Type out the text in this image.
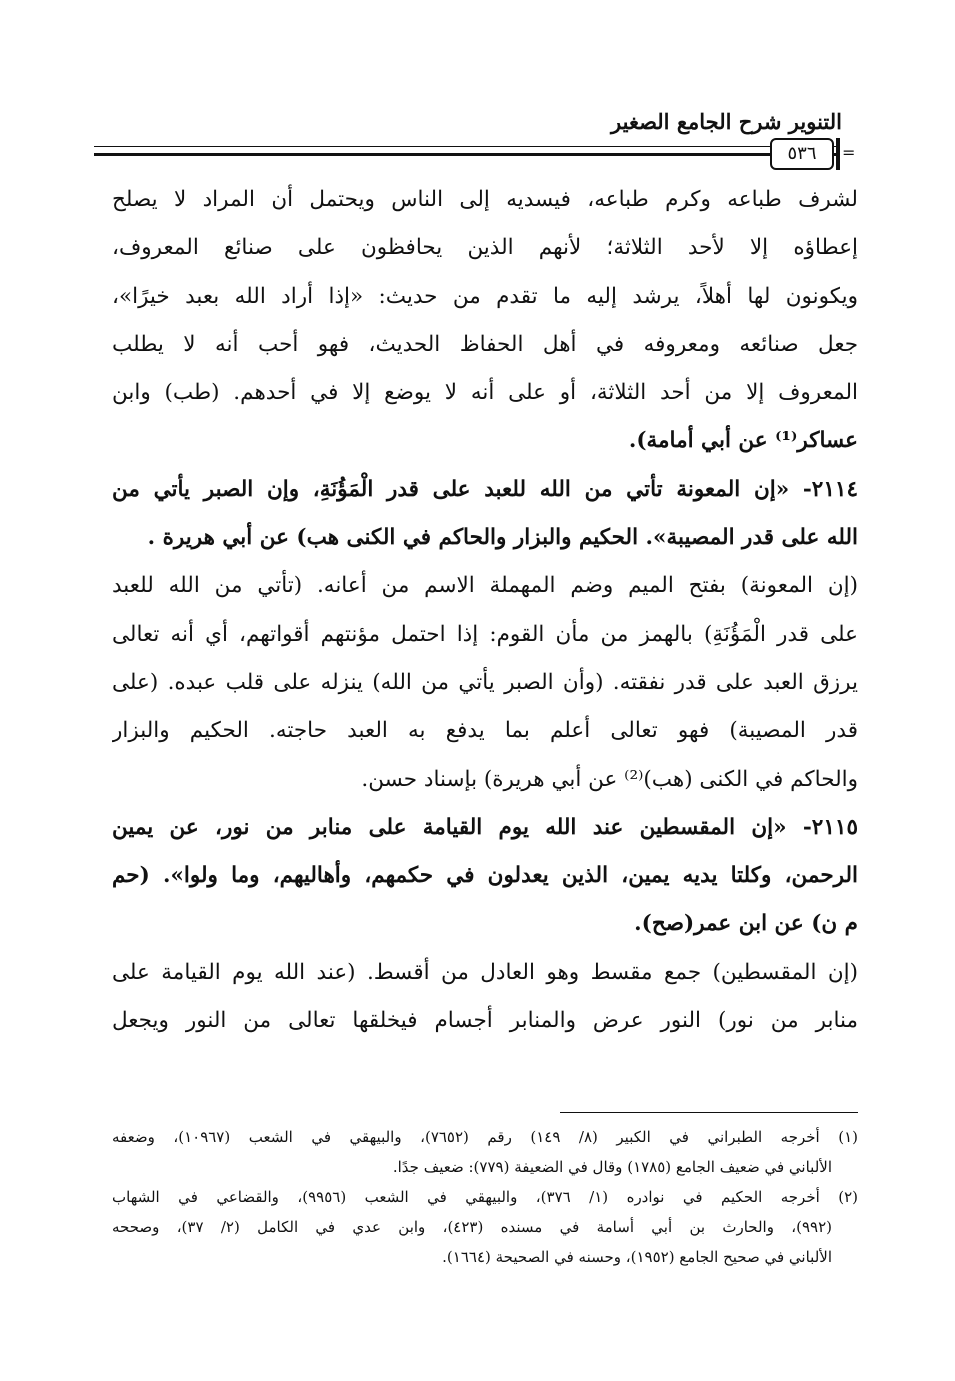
التنوير شرح الجامع الصغير
٥٣٦	=
لشرف طباعه وكرم طباعه، فيسديه إلى الناس ويحتمل أن المراد لا يصلح
إعطاؤه إلا لأحد الثلاثة؛ لأنهم الذين يحافظون على صنائع المعروف،
ويكونون لها أهلاً، يرشد إليه ما تقدم من حديث: «إذا أراد الله بعبد خيرًا»،
جعل صنائعه ومعروفه في أهل الحفاظ الحديث، فهو أحب أنه لا يطلب
المعروف إلا من أحد الثلاثة، أو على أنه لا يوضع إلا في أحدهم. (طب) وابن
عساكر⁽¹⁾ عن أبي أمامة).
٢١١٤- «إن المعونة تأتي من الله للعبد على قدر الْمَؤُنَةِ، وإن الصبر يأتي من
الله على قدر المصيبة». الحكيم والبزار والحاكم في الكنى هب) عن أبي هريرة .
(إن المعونة) بفتح الميم وضم المهملة الاسم من أعانه. (تأتي من الله للعبد
على قدر الْمَؤُنَةِ) بالهمز من مأن القوم: إذا احتمل مؤنتهم أقواتهم، أي أنه تعالى
يرزق العبد على قدر نفقته. (وأن الصبر يأتي من الله) ينزله على قلب عبده. (على
قدر المصيبة) فهو تعالى أعلم بما يدفع به العبد حاجته. الحكيم والبزار
والحاكم في الكنى (هب)⁽²⁾ عن أبي هريرة) بإسناد حسن.
٢١١٥- «إن المقسطين عند الله يوم القيامة على منابر من نور، عن يمين
الرحمن، وكلتا يديه يمين، الذين يعدلون في حكمهم، وأهاليهم، وما ولوا». (حم
م ن) عن ابن عمر(صح).
(إن المقسطين) جمع مقسط وهو العادل من أقسط. (عند الله يوم القيامة على
منابر من نور) النور عرض والمنابر أجسام فيخلقها تعالى من النور ويجعل
(١) أخرجه الطبراني في الكبير (٨/ ١٤٩) رقم (٧٦٥٢)، والبيهقي في الشعب (١٠٩٦٧)، وضعفه
الألباني في ضعيف الجامع (١٧٨٥) وقال في الضعيفة (٧٧٩): ضعيف جدًا.
(٢) أخرجه الحكيم في نوادره (١/ ٣٧٦)، والبيهقي في الشعب (٩٩٥٦)، والقضاعي في الشهاب
(٩٩٢)، والحارث بن أبي أسامة في مسنده (٤٢٣)، وابن عدي في الكامل (٢/ ٣٧)، وصححه
الألباني في صحيح الجامع (١٩٥٢)، وحسنه في الصحيحة (١٦٦٤).
